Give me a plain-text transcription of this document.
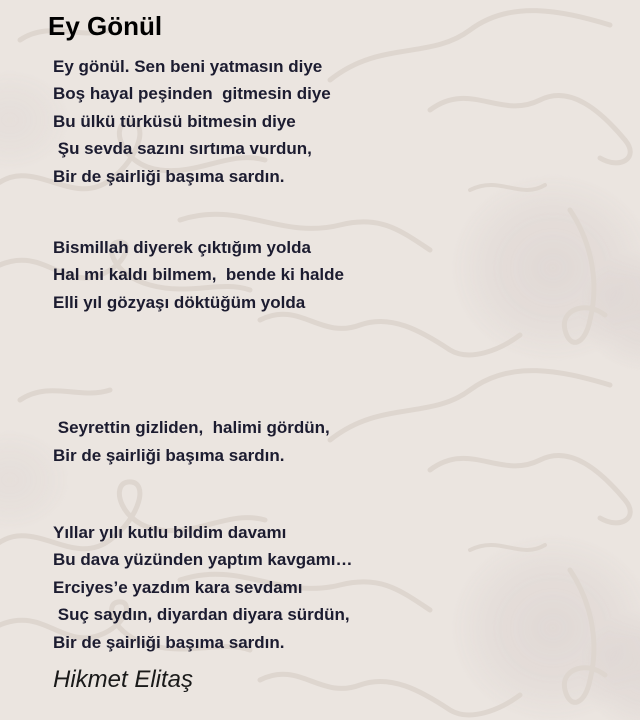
Ey Gönül
Ey gönül. Sen beni yatmasın diye
Boş hayal peşinden  gitmesin diye
Bu ülkü türküsü bitmesin diye
Şu sevda sazını sırtıma vurdun,
Bir de şairliği başıma sardın.
Bismillah diyerek çıktığım yolda
Hal mi kaldı bilmem,  bende ki halde
Elli yıl gözyaşı döktüğüm yolda
Seyrettin gizliden,  halimi gördün,
Bir de şairliği başıma sardın.
Yıllar yılı kutlu bildim davamı
Bu dava yüzünden yaptım kavgamı…
Erciyes’e yazdım kara sevdamı
Suç saydın, diyardan diyara sürdün,
Bir de şairliği başıma sardın.
Hikmet Elitaş
